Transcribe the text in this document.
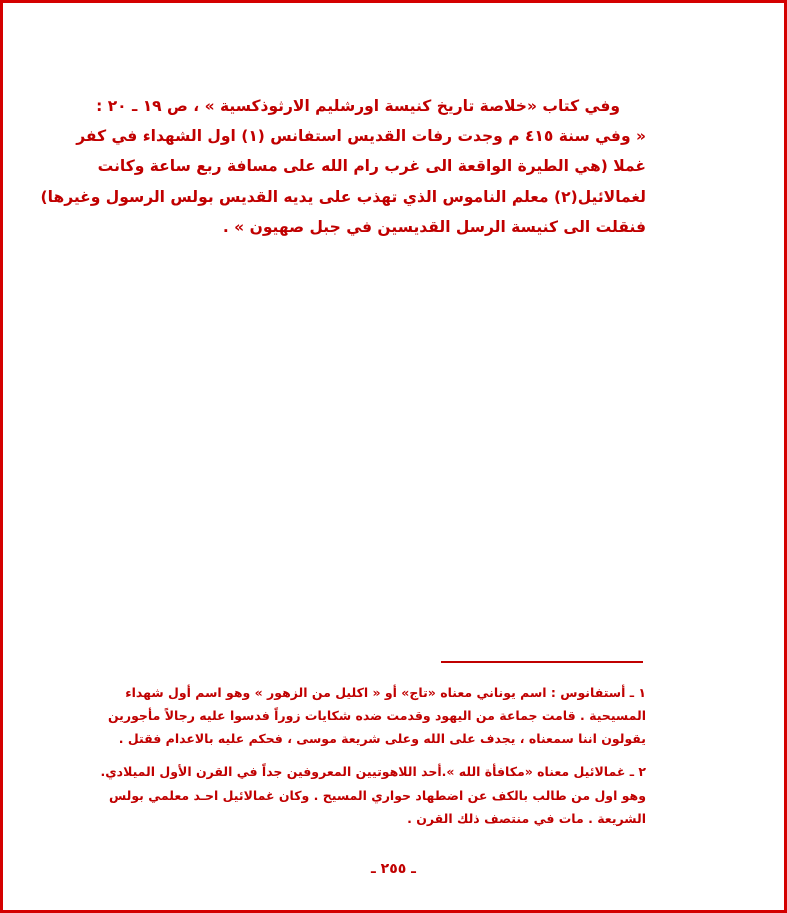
وفي كتاب «خلاصة تاريخ كنيسة اورشليم الارثوذكسية » ، ص ١٩ ـ ٢٠ :
« وفي سنة ٤١٥ م وجدت رفات القديس استفانس (١) اول الشهداء في كفر
غملا (هي الطيرة الواقعة الى غرب رام الله على مسافة ربع ساعة وكانت
لغمالائيل(٢) معلم الناموس الذي تهذب على يديه القديس بولس الرسول وغيرها)
فنقلت الى كنيسة الرسل القديسين في جبل صهيون » .
١ ـ أستفانوس : اسم يوناني معناه «تاج» أو « اكليل من الزهور » وهو اسم أول شهداء
المسيحية . قامت جماعة من اليهود وقدمت ضده شكايات زوراً فدسوا عليه رجالاً مأجورين
يقولون اننا سمعناه ، يجدف على الله وعلى شريعة موسى ، فحكم عليه بالاعدام فقتل .
٢ ـ غمالائيل معناه «مكافأة الله ».أحد اللاهوتيين المعروفين جداً في القرن الأول الميلادي.
وهو اول من طالب بالكف عن اضطهاد حواري المسيح . وكان غمالائيل احـد معلمي بولس
الشريعة . مات في منتصف ذلك القرن .
ـ ٢٥٥ ـ
